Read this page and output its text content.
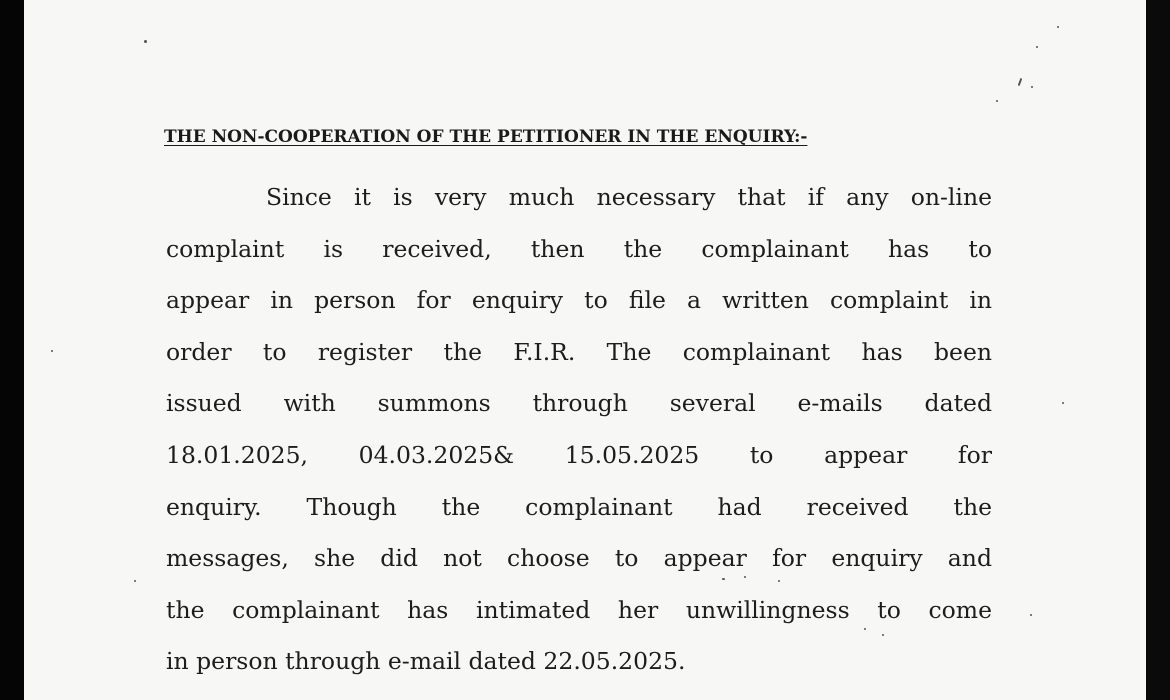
THE NON-COOPERATION OF THE PETITIONER IN THE ENQUIRY:-
Since it is very much necessary that if any on-line
complaint is received, then the complainant has to
appear in person for enquiry to file a written complaint in
order to register the F.I.R. The complainant has been
issued with summons through several e-mails dated
18.01.2025, 04.03.2025& 15.05.2025 to appear for
enquiry. Though the complainant had received the
messages, she did not choose to appear for enquiry and
the complainant has intimated her unwillingness to come
in person through e-mail dated 22.05.2025.
